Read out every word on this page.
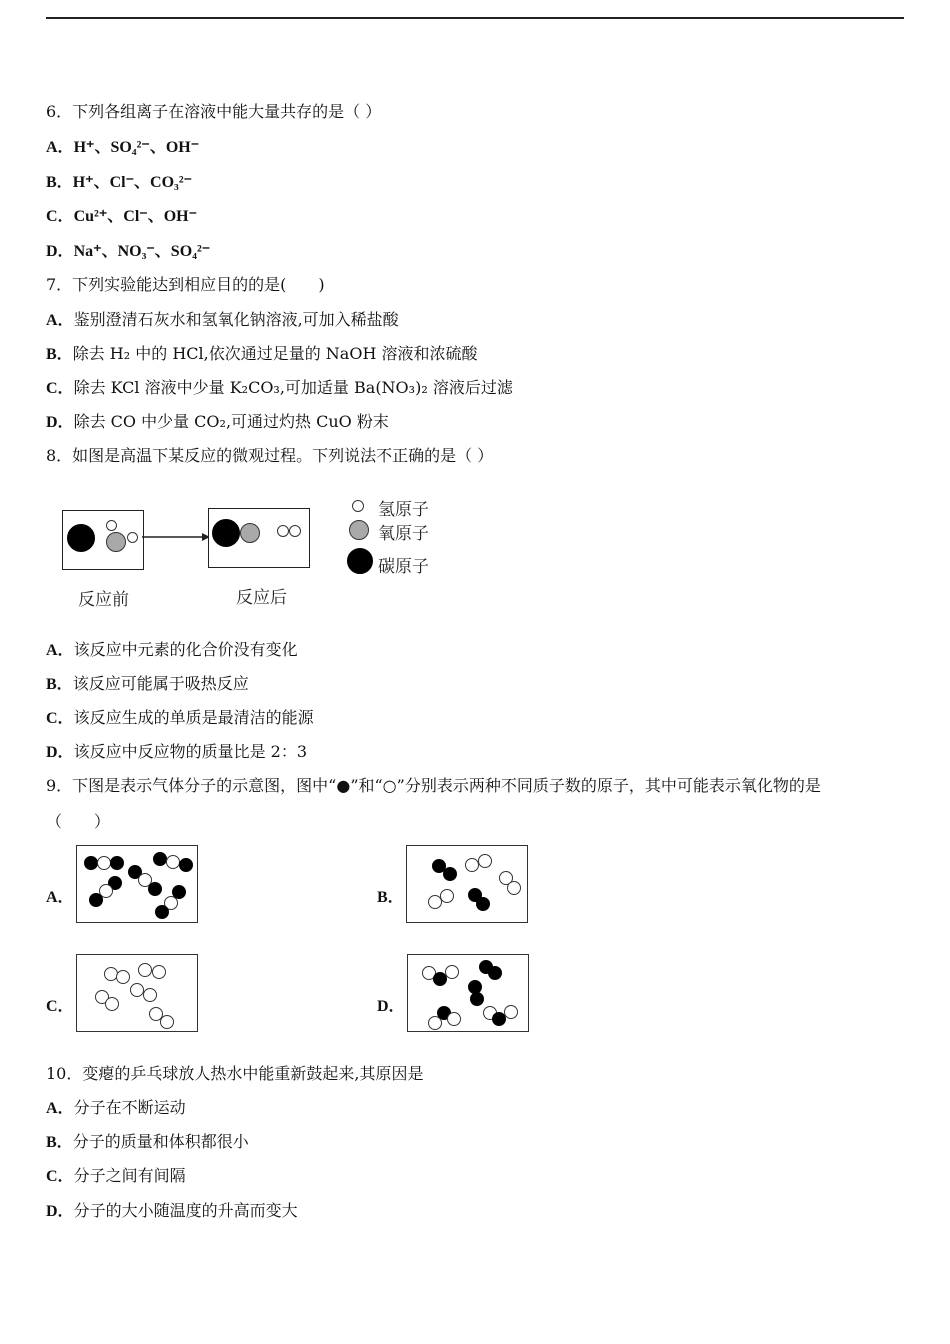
6．下列各组离子在溶液中能大量共存的是（ ）
A．H⁺、SO₄²⁻、OH⁻
B．H⁺、Cl⁻、CO₃²⁻
C．Cu²⁺、Cl⁻、OH⁻
D．Na⁺、NO₃⁻、SO₄²⁻
7．下列实验能达到相应目的的是(　　)
A．鉴别澄清石灰水和氢氧化钠溶液,可加入稀盐酸
B．除去 H₂ 中的 HCl,依次通过足量的 NaOH 溶液和浓硫酸
C．除去 KCl 溶液中少量 K₂CO₃,可加适量 Ba(NO₃)₂ 溶液后过滤
D．除去 CO 中少量 CO₂,可通过灼热 CuO 粉末
8．如图是高温下某反应的微观过程。下列说法不正确的是（ ）
反应前	反应后
氢原子
氧原子
碳原子
A．该反应中元素的化合价没有变化
B．该反应可能属于吸热反应
C．该反应生成的单质是最清洁的能源
D．该反应中反应物的质量比是 2：3
9．下图是表示气体分子的示意图，图中“●”和“○”分别表示两种不同质子数的原子，其中可能表示氧化物的是
（　　）
A．	B．
C．	D．
10．变瘪的乒乓球放人热水中能重新鼓起来,其原因是
A．分子在不断运动
B．分子的质量和体积都很小
C．分子之间有间隔
D．分子的大小随温度的升高而变大
